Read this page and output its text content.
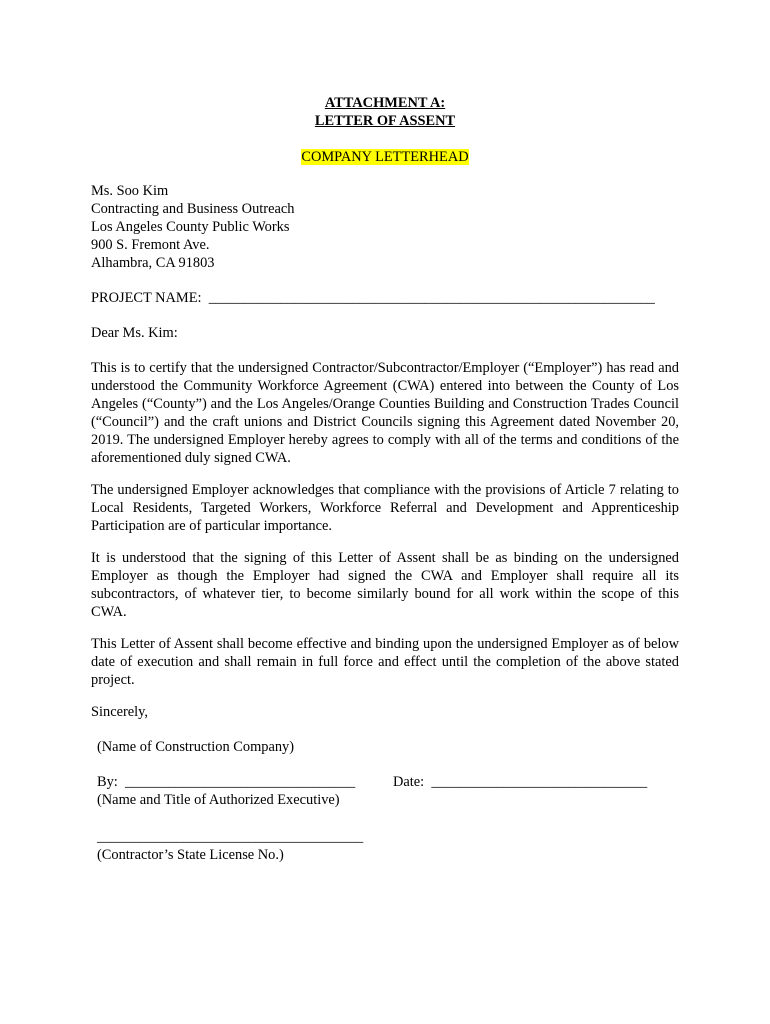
ATTACHMENT A:
LETTER OF ASSENT
COMPANY LETTERHEAD
Ms. Soo Kim
Contracting and Business Outreach
Los Angeles County Public Works
900 S. Fremont Ave.
Alhambra, CA 91803
PROJECT NAME:  ______________________________________________________________
Dear Ms. Kim:

This is to certify that the undersigned Contractor/Subcontractor/Employer (“Employer”) has read and understood the Community Workforce Agreement (CWA) entered into between the County of Los Angeles (“County”) and the Los Angeles/Orange Counties Building and Construction Trades Council (“Council”) and the craft unions and District Councils signing this Agreement dated November 20, 2019. The undersigned Employer hereby agrees to comply with all of the terms and conditions of the aforementioned duly signed CWA.

The undersigned Employer acknowledges that compliance with the provisions of Article 7 relating to Local Residents, Targeted Workers, Workforce Referral and Development and Apprenticeship Participation are of particular importance.

It is understood that the signing of this Letter of Assent shall be as binding on the undersigned Employer as though the Employer had signed the CWA and Employer shall require all its subcontractors, of whatever tier, to become similarly bound for all work within the scope of this CWA.

This Letter of Assent shall become effective and binding upon the undersigned Employer as of below date of execution and shall remain in full force and effect until the completion of the above stated project.

Sincerely,
(Name of Construction Company)
By:  ________________________________	Date:  ______________________________
(Name and Title of Authorized Executive)
_____________________________________
(Contractor’s State License No.)
